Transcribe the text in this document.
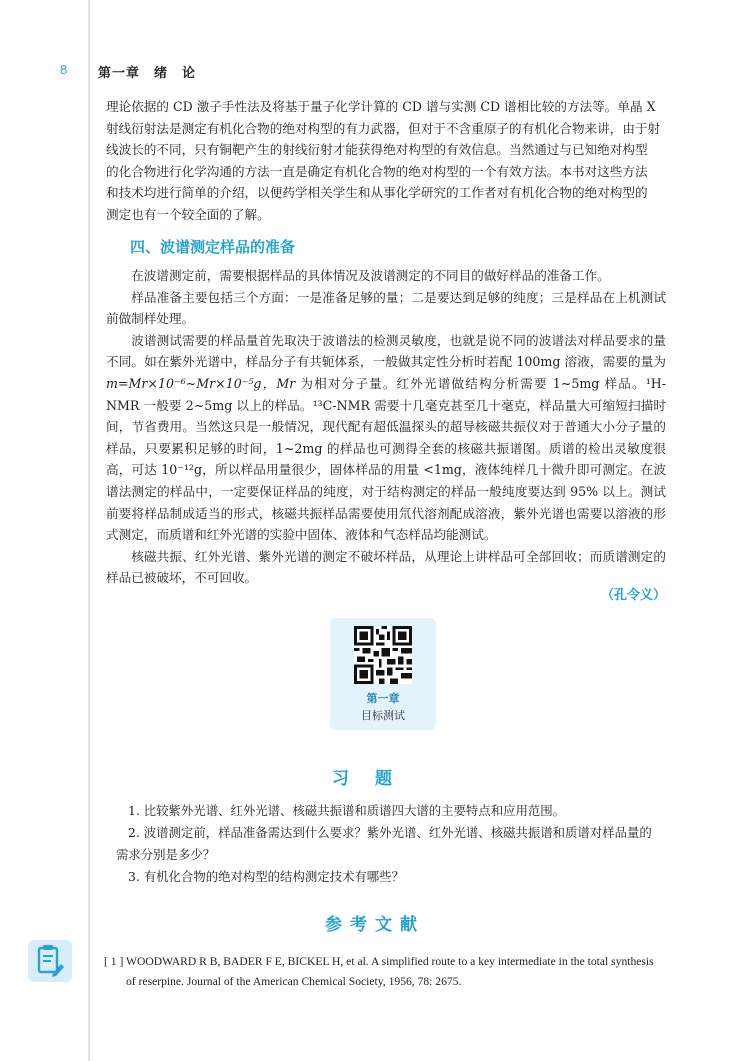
8 第一章　绪　论

理论依据的 CD 激子手性法及将基于量子化学计算的 CD 谱与实测 CD 谱相比较的方法等。单晶 X

射线衍射法是测定有机化合物的绝对构型的有力武器，但对于不含重原子的有机化合物来讲，由于射

线波长的不同，只有铜靶产生的射线衍射才能获得绝对构型的有效信息。当然通过与已知绝对构型

的化合物进行化学沟通的方法一直是确定有机化合物的绝对构型的一个有效方法。本书对这些方法

和技术均进行简单的介绍，以便药学相关学生和从事化学研究的工作者对有机化合物的绝对构型的

测定也有一个较全面的了解。

四、波谱测定样品的准备

在波谱测定前，需要根据样品的具体情况及波谱测定的不同目的做好样品的准备工作。

样品准备主要包括三个方面：一是准备足够的量；二是要达到足够的纯度；三是样品在上机测试前做制样处理。

波谱测试需要的样品量首先取决于波谱法的检测灵敏度，也就是说不同的波谱法对样品要求的量不同。如在紫外光谱中，样品分子有共轭体系，一般做其定性分析时若配 100mg 溶液，需要的量为 m=Mr×10⁻⁶~Mr×10⁻⁵g，Mr 为相对分子量。红外光谱做结构分析需要 1~5mg 样品。¹H-NMR 一般要 2~5mg 以上的样品。¹³C-NMR 需要十几毫克甚至几十毫克，样品量大可缩短扫描时间，节省费用。当然这只是一般情况，现代配有超低温探头的超导核磁共振仪对于普通大小分子量的样品，只要累积足够的时间，1~2mg 的样品也可测得全套的核磁共振谱图。质谱的检出灵敏度很高，可达 10⁻¹²g，所以样品用量很少，固体样品的用量 <1mg，液体纯样几十微升即可测定。在波谱法测定的样品中，一定要保证样品的纯度，对于结构测定的样品一般纯度要达到 95% 以上。测试前要将样品制成适当的形式，核磁共振样品需要使用氘代溶剂配成溶液，紫外光谱也需要以溶液的形式测定，而质谱和红外光谱的实验中固体、液体和气态样品均能测试。

核磁共振、红外光谱、紫外光谱的测定不破坏样品，从理论上讲样品可全部回收；而质谱测定的样品已被破坏，不可回收。

（孔令义）
第一章
目标测试
习题

1. 比较紫外光谱、红外光谱、核磁共振谱和质谱四大谱的主要特点和应用范围。

2. 波谱测定前，样品准备需达到什么要求？紫外光谱、红外光谱、核磁共振谱和质谱对样品量的

需求分别是多少？

3. 有机化合物的绝对构型的结构测定技术有哪些？

参考文献

[ 1 ] WOODWARD R B, BADER F E, BICKEL H, et al. A simplified route to a key intermediate in the total synthesis

of reserpine. Journal of the American Chemical Society, 1956, 78: 2675.
